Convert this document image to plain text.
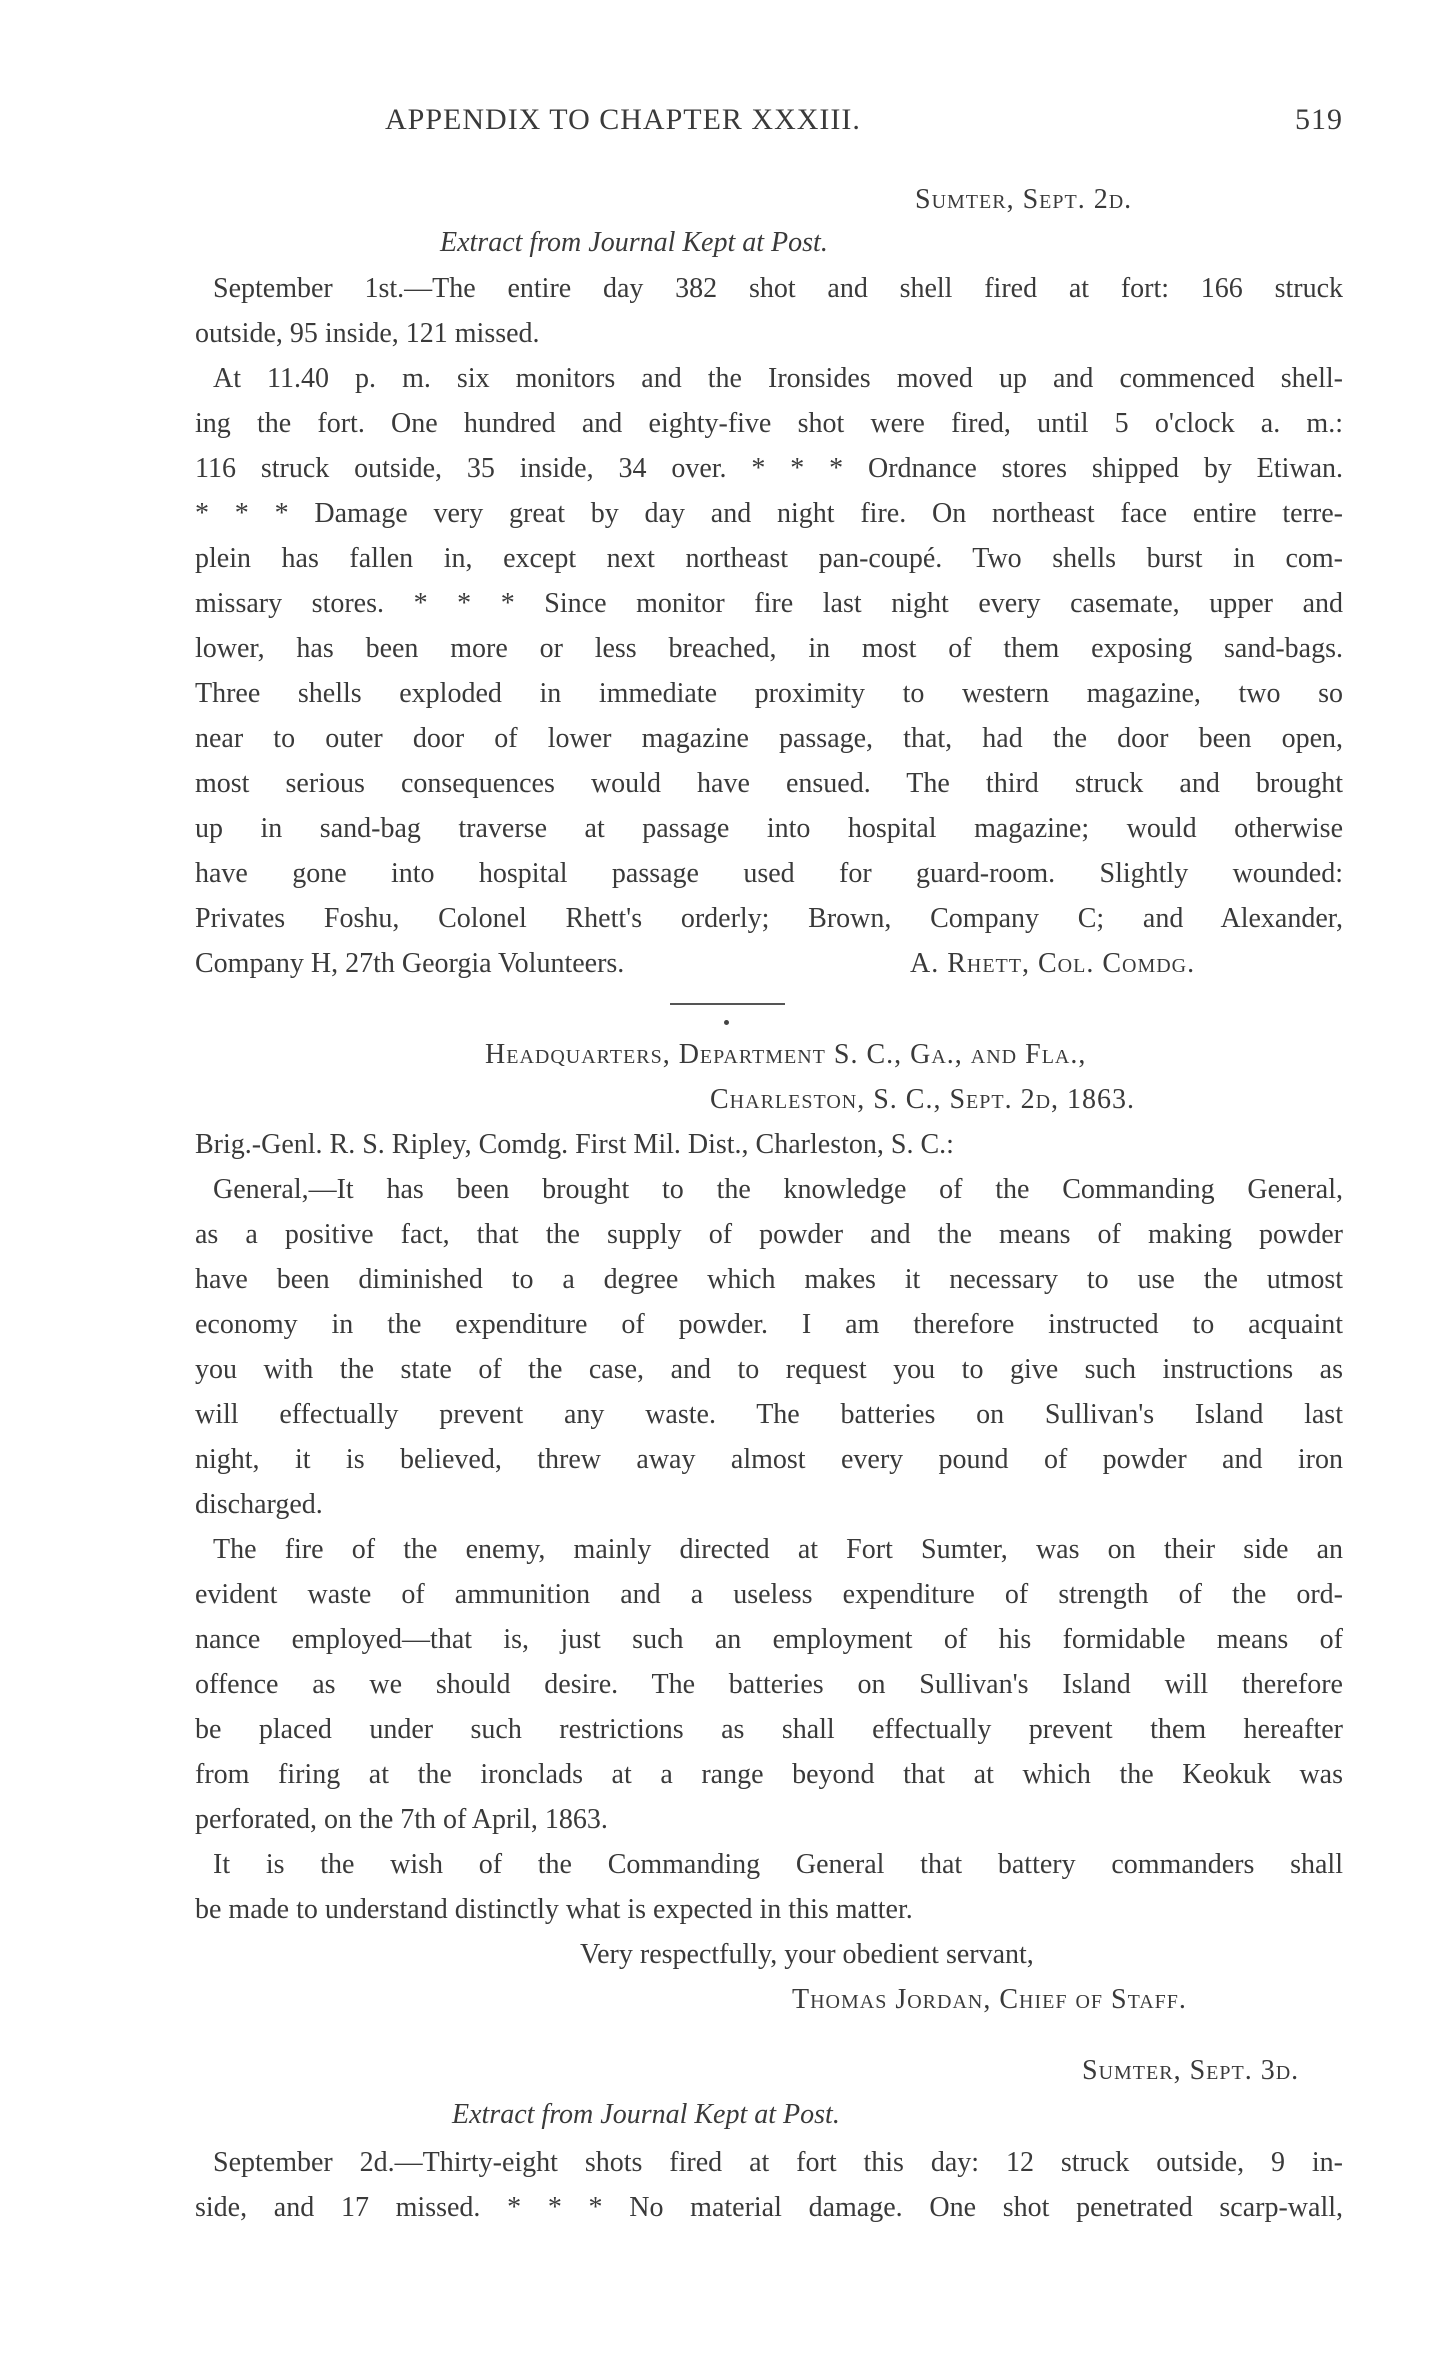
APPENDIX TO CHAPTER XXXIII.	519
Sumter, Sept. 2d.
Extract from Journal Kept at Post.
September 1st.—The entire day 382 shot and shell fired at fort: 166 struck
outside, 95 inside, 121 missed.
At 11.40 p. m. six monitors and the Ironsides moved up and commenced shell-
ing the fort. One hundred and eighty-five shot were fired, until 5 o'clock a. m.:
116 struck outside, 35 inside, 34 over. * * * Ordnance stores shipped by Etiwan.
* * * Damage very great by day and night fire. On northeast face entire terre-
plein has fallen in, except next northeast pan-coupé. Two shells burst in com-
missary stores. * * * Since monitor fire last night every casemate, upper and
lower, has been more or less breached, in most of them exposing sand-bags.
Three shells exploded in immediate proximity to western magazine, two so
near to outer door of lower magazine passage, that, had the door been open,
most serious consequences would have ensued. The third struck and brought
up in sand-bag traverse at passage into hospital magazine; would otherwise
have gone into hospital passage used for guard-room. Slightly wounded:
Privates Foshu, Colonel Rhett's orderly; Brown, Company C; and Alexander,
Company H, 27th Georgia Volunteers.	A. Rhett, Col. Comdg.
Headquarters, Department S. C., Ga., and Fla.,
Charleston, S. C., Sept. 2d, 1863.
Brig.-Genl. R. S. Ripley, Comdg. First Mil. Dist., Charleston, S. C.:
General,—It has been brought to the knowledge of the Commanding General,
as a positive fact, that the supply of powder and the means of making powder
have been diminished to a degree which makes it necessary to use the utmost
economy in the expenditure of powder. I am therefore instructed to acquaint
you with the state of the case, and to request you to give such instructions as
will effectually prevent any waste. The batteries on Sullivan's Island last
night, it is believed, threw away almost every pound of powder and iron
discharged.
The fire of the enemy, mainly directed at Fort Sumter, was on their side an
evident waste of ammunition and a useless expenditure of strength of the ord-
nance employed—that is, just such an employment of his formidable means of
offence as we should desire. The batteries on Sullivan's Island will therefore
be placed under such restrictions as shall effectually prevent them hereafter
from firing at the ironclads at a range beyond that at which the Keokuk was
perforated, on the 7th of April, 1863.
It is the wish of the Commanding General that battery commanders shall
be made to understand distinctly what is expected in this matter.
Very respectfully, your obedient servant,
Thomas Jordan, Chief of Staff.
Sumter, Sept. 3d.
Extract from Journal Kept at Post.
September 2d.—Thirty-eight shots fired at fort this day: 12 struck outside, 9 in-
side, and 17 missed. * * * No material damage. One shot penetrated scarp-wall,
